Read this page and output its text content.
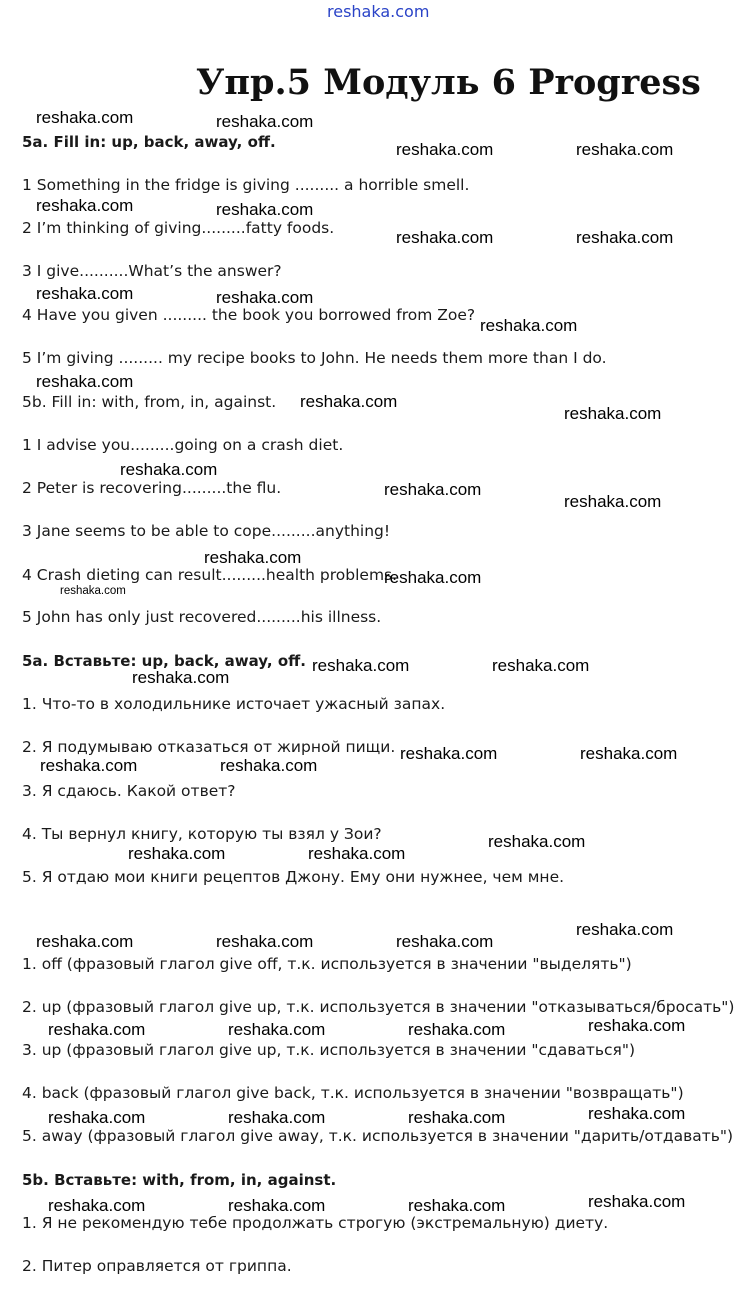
reshaka.com
Упр.5 Модуль 6 Progress
5a. Fill in: up, back, away, off.
1 Something in the fridge is giving ......... a horrible smell.
2 I’m thinking of giving.........fatty foods.
3 I give..........What’s the answer?
4 Have you given ......... the book you borrowed from Zoe?
5 I’m giving ......... my recipe books to John. He needs them more than I do.
5b. Fill in: with, from, in, against.
1 I advise you.........going on a crash diet.
2 Peter is recovering.........the flu.
3 Jane seems to be able to cope.........anything!
4 Crash dieting can result.........health problems.
5 John has only just recovered.........his illness.
5a. Вставьте: up, back, away, off.
1. Что-то в холодильнике источает ужасный запах.
2. Я подумываю отказаться от жирной пищи.
3. Я сдаюсь. Какой ответ?
4. Ты вернул книгу, которую ты взял у Зои?
5. Я отдаю мои книги рецептов Джону. Ему они нужнее, чем мне.
1. off (фразовый глагол give off, т.к. используется в значении "выделять")
2. up (фразовый глагол give up, т.к. используется в значении "отказываться/бросать")
3. up (фразовый глагол give up, т.к. используется в значении "сдаваться")
4. back (фразовый глагол give back, т.к. используется в значении "возвращать")
5. away (фразовый глагол give away, т.к. используется в значении "дарить/отдавать")
5b. Вставьте: with, from, in, against.
1. Я не рекомендую тебе продолжать строгую (экстремальную) диету.
2. Питер оправляется от гриппа.
reshaka.com	reshaka.com
reshaka.com	reshaka.com
reshaka.com	reshaka.com
reshaka.com	reshaka.com
reshaka.com	reshaka.com
reshaka.com
reshaka.com
reshaka.com
reshaka.com
reshaka.com
reshaka.com
reshaka.com
reshaka.com
reshaka.com
reshaka.com
reshaka.com	reshaka.com
reshaka.com
reshaka.com	reshaka.com
reshaka.com	reshaka.com
reshaka.com
reshaka.com	reshaka.com
reshaka.com
reshaka.com	reshaka.com	reshaka.com
reshaka.com
reshaka.com	reshaka.com	reshaka.com
reshaka.com
reshaka.com	reshaka.com	reshaka.com
reshaka.com
reshaka.com	reshaka.com	reshaka.com
